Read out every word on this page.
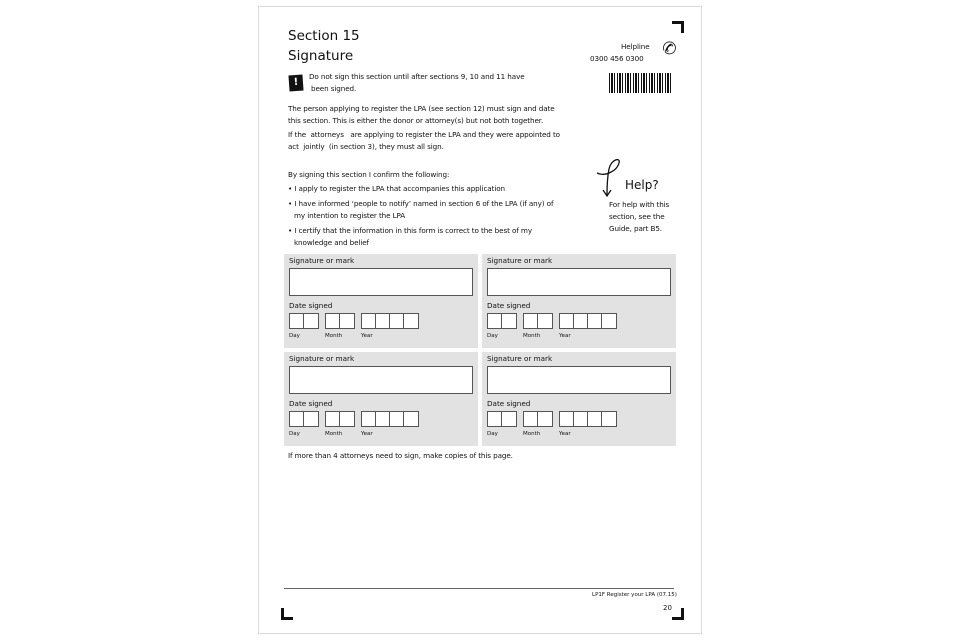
Section 15
Signature
Helpline
0300 456 0300 ✆
!
Do not sign this section until after sections 9, 10 and 11 have
been signed.
The person applying to register the LPA (see section 12) must sign and date
this section. This is either the donor or attorney(s) but not both together.
If the  attorneys   are applying to register the LPA and they were appointed to
act  jointly  (in section 3), they must all sign.
By signing this section I confirm the following:
• I apply to register the LPA that accompanies this application
• I have informed ‘people to notify’ named in section 6 of the LPA (if any) of
my intention to register the LPA
• I certify that the information in this form is correct to the best of my
knowledge and belief
Help?
For help with this
section, see the
Guide, part B5.
Signature or mark
Date signed
Day	Month	Year
Signature or mark
Date signed
Day	Month	Year
Signature or mark
Date signed
Day	Month	Year
Signature or mark
Date signed
Day	Month	Year
If more than 4 attorneys need to sign, make copies of this page.
LP1F Register your LPA (07.15)
20
